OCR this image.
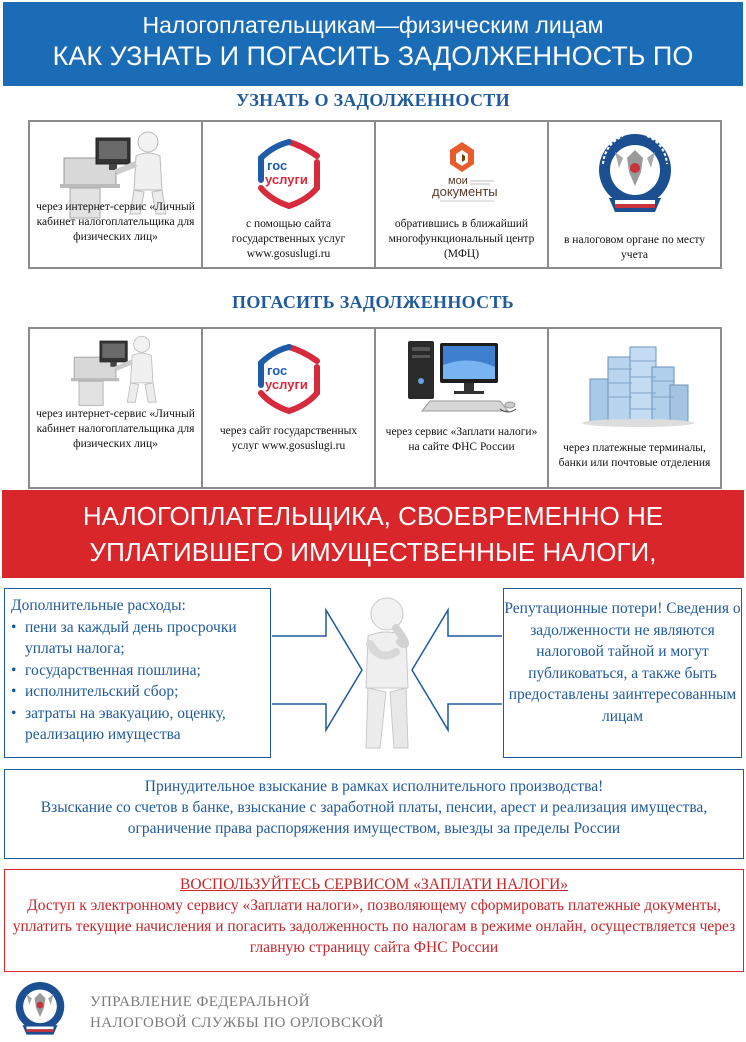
Налогоплательщикам—физическим лицам
КАК УЗНАТЬ И ПОГАСИТЬ ЗАДОЛЖЕННОСТЬ ПО
УЗНАТЬ О ЗАДОЛЖЕННОСТИ
через интернет-сервис «Личный кабинет налогоплательщика для физических лиц»
гос
услуги
с помощью сайта государственных услуг www.gosuslugi.ru
мои
документы
обратившись в ближайший многофункциональный центр (МФЦ)
в налоговом органе по месту учета
ПОГАСИТЬ ЗАДОЛЖЕННОСТЬ
через интернет-сервис «Личный кабинет налогоплательщика для физических лиц»
гос
услуги
через сайт государственных услуг www.gosuslugi.ru
через сервис «Заплати налоги» на сайте ФНС России	через платежные терминалы, банки или почтовые отделения
НАЛОГОПЛАТЕЛЬЩИКА, СВОЕВРЕМЕННО НЕ
УПЛАТИВШЕГО ИМУЩЕСТВЕННЫЕ НАЛОГИ,
Дополнительные расходы:
• пени за каждый день просрочки уплаты налога;
• государственная пошлина;
• исполнительский сбор;
• затраты на эвакуацию, оценку, реализацию имущества
Репутационные потери! Сведения о задолженности не являются налоговой тайной и могут публиковаться, а также быть предоставлены заинтересованным лицам
Принудительное взыскание в рамках исполнительного производства!
Взыскание со счетов в банке, взыскание с заработной платы, пенсии, арест и реализация имущества, ограничение права распоряжения имуществом, выезды за пределы России
ВОСПОЛЬЗУЙТЕСЬ СЕРВИСОМ «ЗАПЛАТИ НАЛОГИ»
Доступ к электронному сервису «Заплати налоги», позволяющему сформировать платежные документы, уплатить текущие начисления и погасить задолженность по налогам в режиме онлайн, осуществляется через главную страницу сайта ФНС России
УПРАВЛЕНИЕ ФЕДЕРАЛЬНОЙ
НАЛОГОВОЙ СЛУЖБЫ ПО ОРЛОВСКОЙ
